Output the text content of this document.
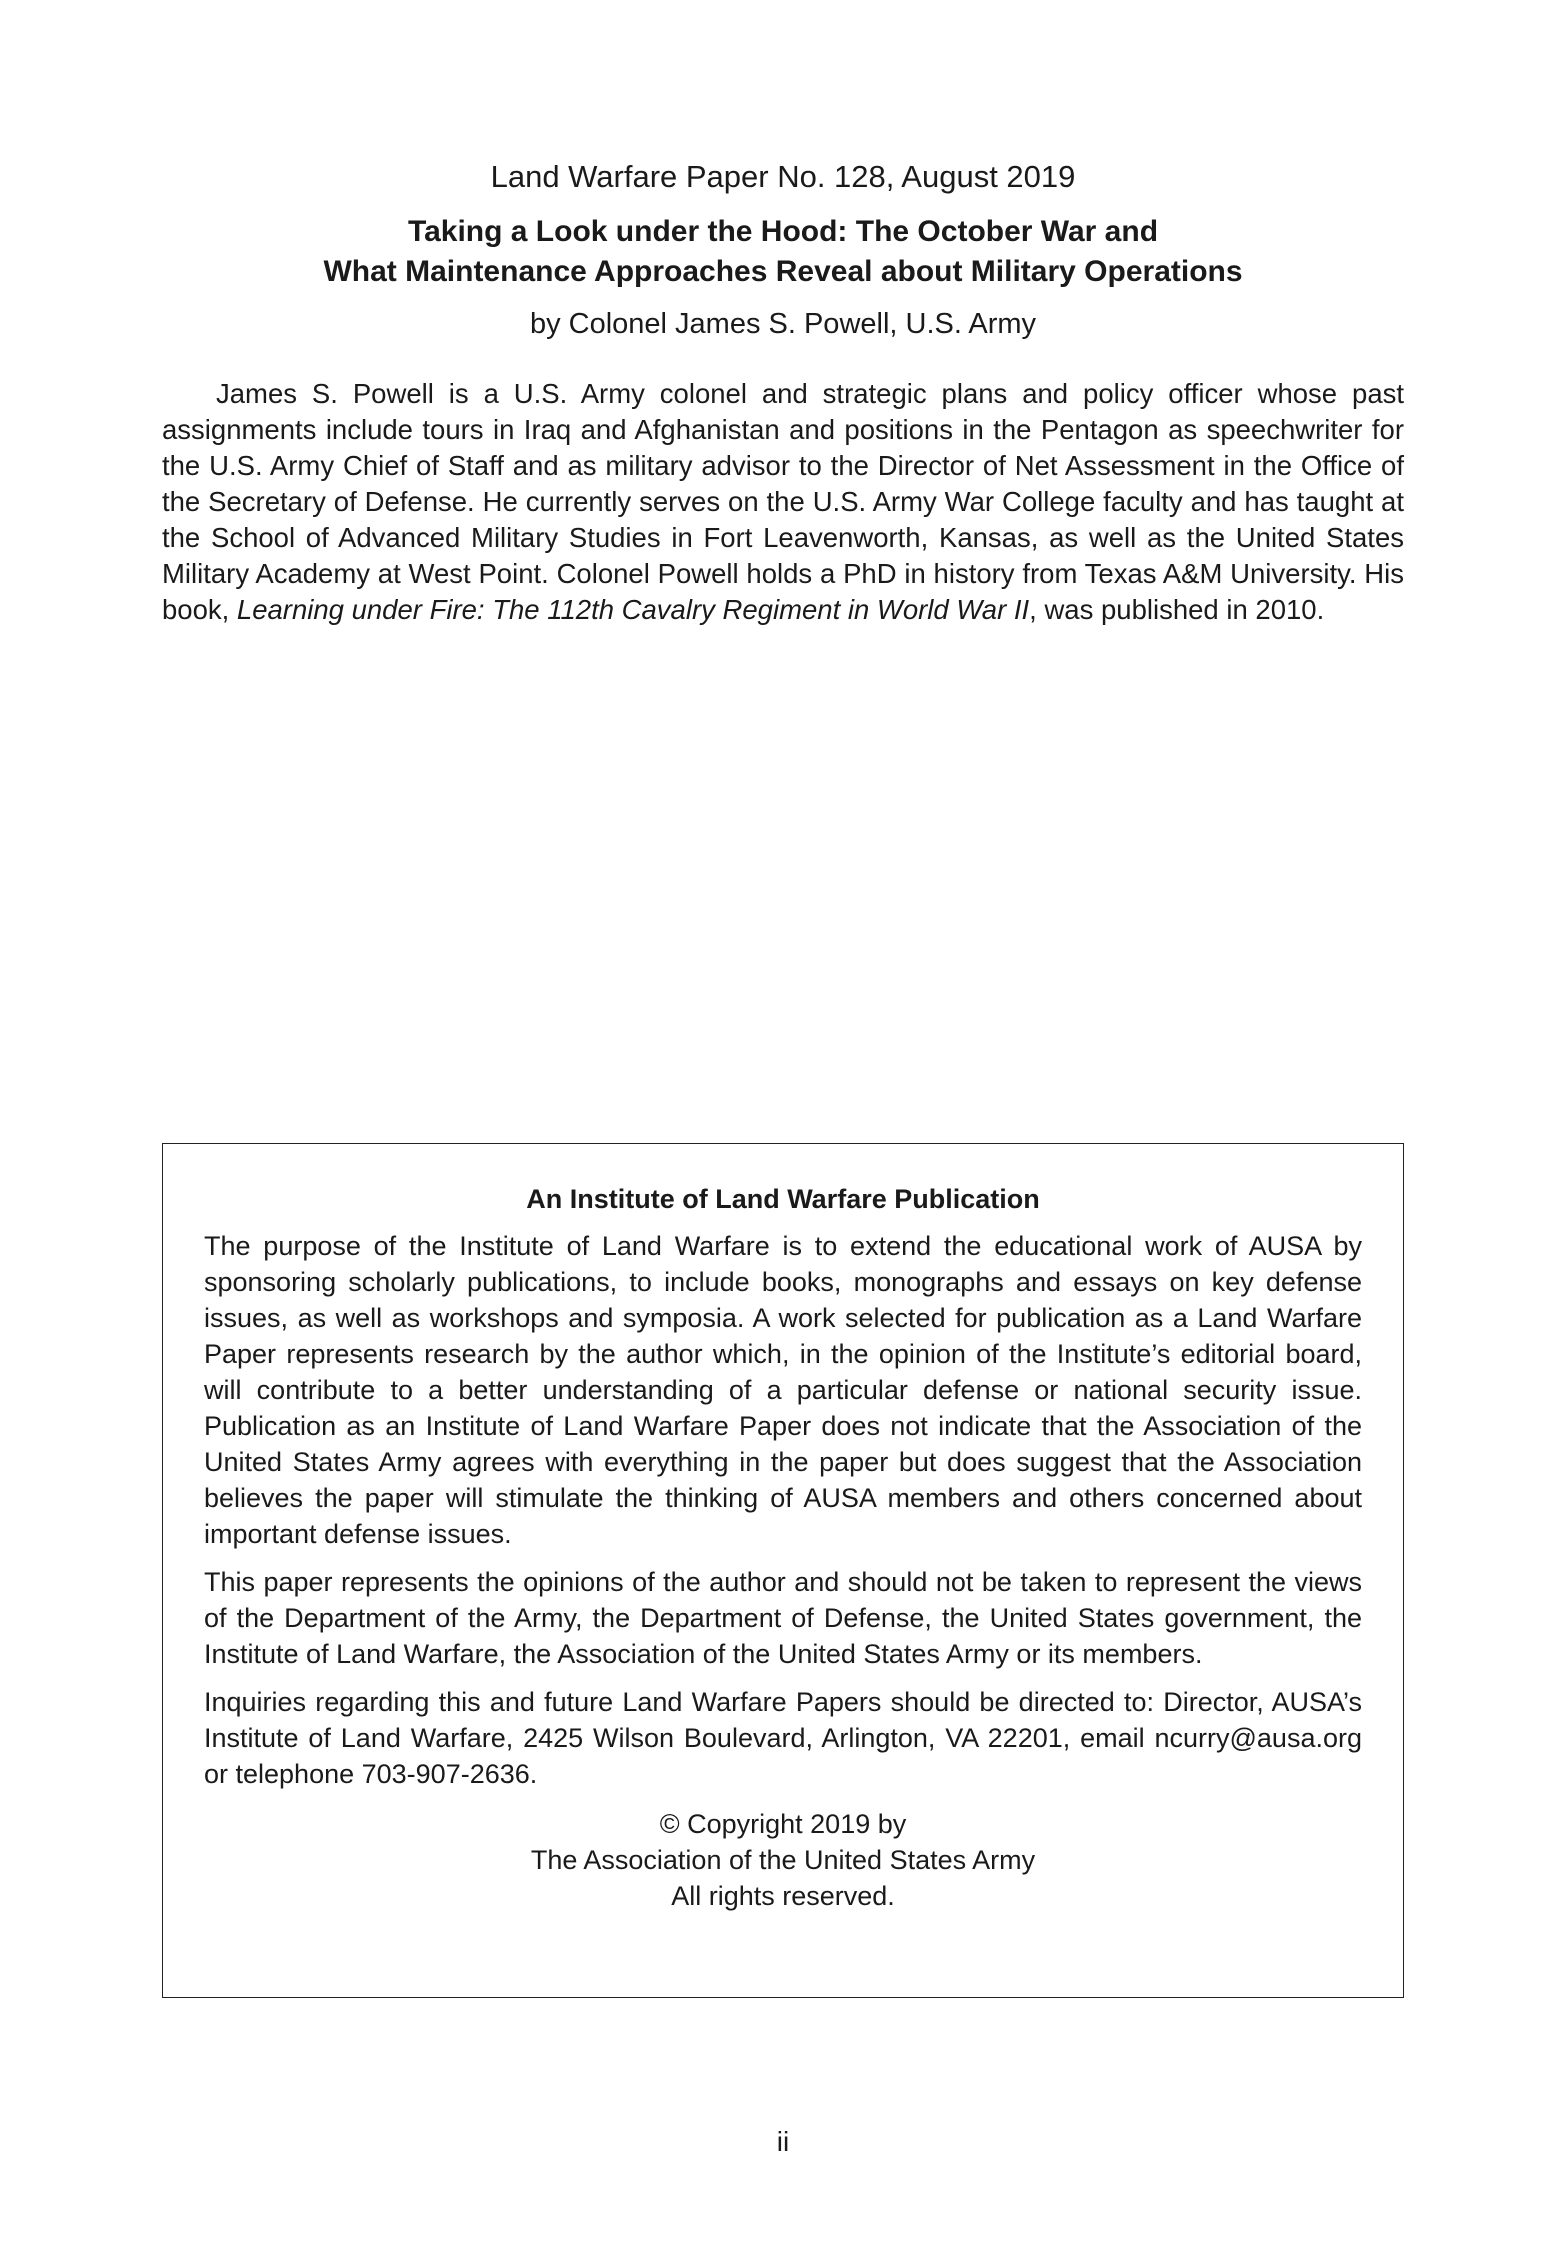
Land Warfare Paper No. 128, August 2019
Taking a Look under the Hood: The October War and
What Maintenance Approaches Reveal about Military Operations
by Colonel James S. Powell, U.S. Army

James S. Powell is a U.S. Army colonel and strategic plans and policy officer whose past assignments include tours in Iraq and Afghanistan and positions in the Pentagon as speechwriter for the U.S. Army Chief of Staff and as military advisor to the Director of Net Assessment in the Office of the Secretary of Defense. He currently serves on the U.S. Army War College faculty and has taught at the School of Advanced Military Studies in Fort Leavenworth, Kansas, as well as the United States Military Academy at West Point. Colonel Powell holds a PhD in history from Texas A&M University. His book, Learning under Fire: The 112th Cavalry Regiment in World War II, was published in 2010.

An Institute of Land Warfare Publication

The purpose of the Institute of Land Warfare is to extend the educational work of AUSA by sponsoring scholarly publications, to include books, monographs and essays on key defense issues, as well as workshops and symposia. A work selected for publication as a Land Warfare Paper represents research by the author which, in the opinion of the Institute’s editorial board, will contribute to a better understanding of a particular defense or national security issue. Publication as an Institute of Land Warfare Paper does not indicate that the Association of the United States Army agrees with everything in the paper but does suggest that the Association believes the paper will stimulate the thinking of AUSA members and others concerned about important defense issues.

This paper represents the opinions of the author and should not be taken to represent the views of the Department of the Army, the Department of Defense, the United States government, the Institute of Land Warfare, the Association of the United States Army or its members.

Inquiries regarding this and future Land Warfare Papers should be directed to: Director, AUSA’s Institute of Land Warfare, 2425 Wilson Boulevard, Arlington, VA 22201, email ncurry@ausa.org or telephone 703-907-2636.

© Copyright 2019 by
The Association of the United States Army
All rights reserved.
ii
